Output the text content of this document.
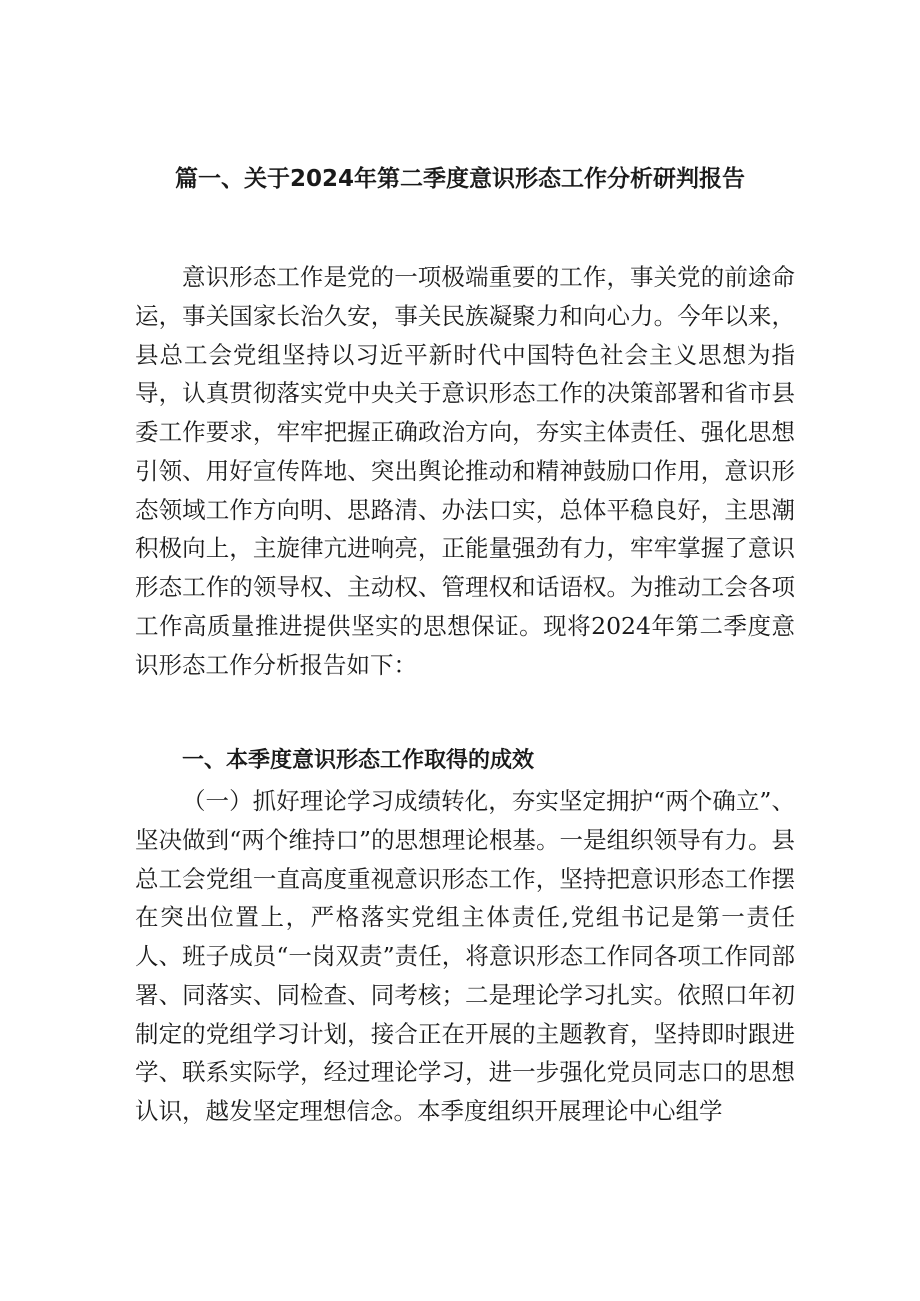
篇一、关于2024年第二季度意识形态工作分析研判报告

意识形态工作是党的一项极端重要的工作，事关党的前途命运，事关国家长治久安，事关民族凝聚力和向心力。今年以来，县总工会党组坚持以习近平新时代中国特色社会主义思想为指导，认真贯彻落实党中央关于意识形态工作的决策部署和省市县委工作要求，牢牢把握正确政治方向，夯实主体责任、强化思想引领、用好宣传阵地、突出舆论推动和精神鼓励口作用，意识形态领域工作方向明、思路清、办法口实，总体平稳良好，主思潮积极向上，主旋律亢进响亮，正能量强劲有力，牢牢掌握了意识形态工作的领导权、主动权、管理权和话语权。为推动工会各项工作高质量推进提供坚实的思想保证。现将2024年第二季度意识形态工作分析报告如下：

一、本季度意识形态工作取得的成效

（一）抓好理论学习成绩转化，夯实坚定拥护“两个确立”、坚决做到“两个维持口”的思想理论根基。一是组织领导有力。县总工会党组一直高度重视意识形态工作，坚持把意识形态工作摆在突出位置上，严格落实党组主体责任,党组书记是第一责任人、班子成员“一岗双责”责任，将意识形态工作同各项工作同部署、同落实、同检查、同考核；二是理论学习扎实。依照口年初制定的党组学习计划，接合正在开展的主题教育，坚持即时跟进学、联系实际学，经过理论学习，进一步强化党员同志口的思想认识，越发坚定理想信念。本季度组织开展理论中心组学
